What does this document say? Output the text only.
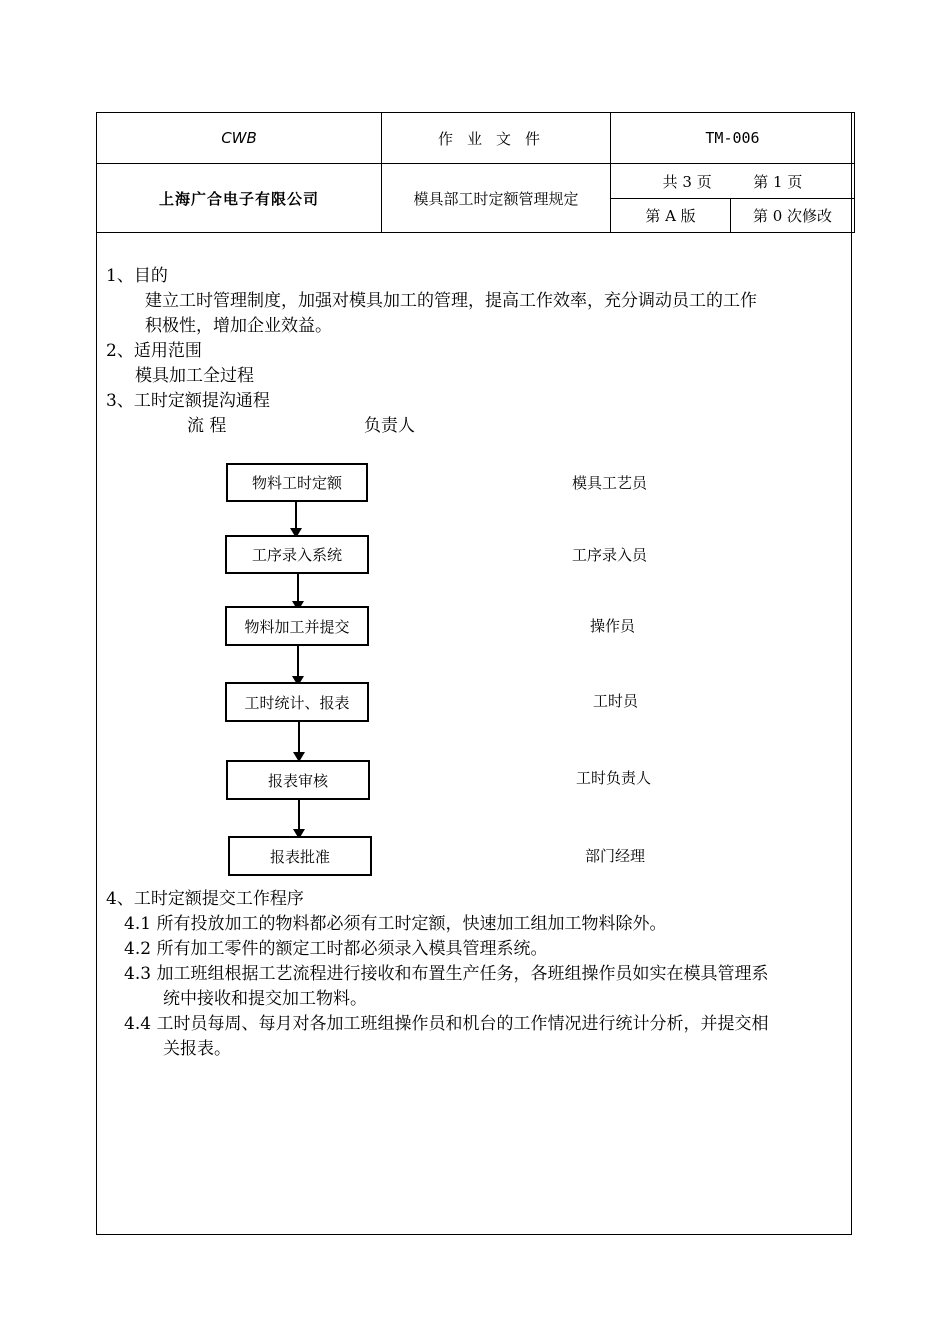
CWB	作业文件	TM-006	
上海广合电子有限公司	模具部工时定额管理规定	共 3 页 第 1 页	
		第 A 版	第 0 次修改
1、目的
建立工时管理制度，加强对模具加工的管理，提高工作效率，充分调动员工的工作
积极性，增加企业效益。
2、适用范围
模具加工全过程
3、工时定额提沟通程
流 程	负责人
物料工时定额	模具工艺员
工序录入系统	工序录入员
物料加工并提交	操作员
工时统计、报表	工时员
报表审核	工时负责人
报表批准	部门经理
4、工时定额提交工作程序
4.1 所有投放加工的物料都必须有工时定额，快速加工组加工物料除外。
4.2 所有加工零件的额定工时都必须录入模具管理系统。
4.3 加工班组根据工艺流程进行接收和布置生产任务，各班组操作员如实在模具管理系
统中接收和提交加工物料。
4.4 工时员每周、每月对各加工班组操作员和机台的工作情况进行统计分析，并提交相
关报表。
